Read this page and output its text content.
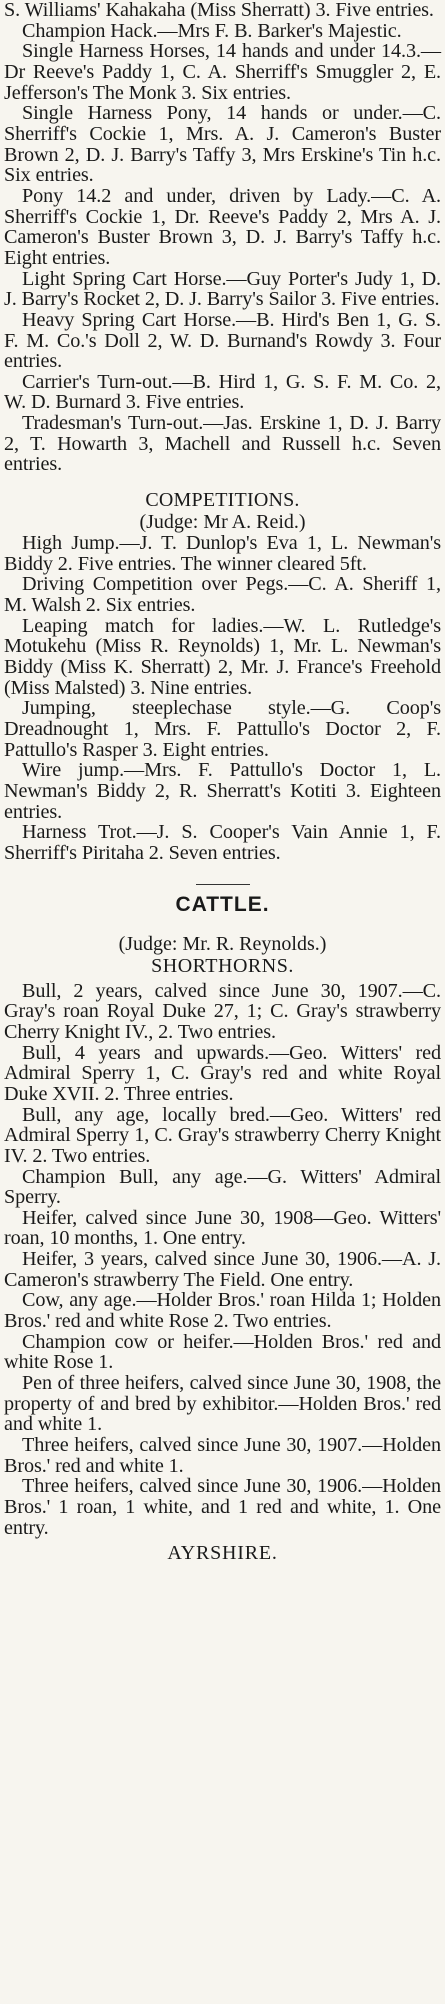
S. Williams' Kahakaha (Miss Sherratt) 3. Five entries.

Champion Hack.—Mrs F. B. Barker's Majestic.

Single Harness Horses, 14 hands and under 14.3.—Dr Reeve's Paddy 1, C. A. Sherriff's Smuggler 2, E. Jefferson's The Monk 3. Six entries.

Single Harness Pony, 14 hands or under.—C. Sherriff's Cockie 1, Mrs. A. J. Cameron's Buster Brown 2, D. J. Barry's Taffy 3, Mrs Erskine's Tin h.c. Six entries.

Pony 14.2 and under, driven by Lady.—C. A. Sherriff's Cockie 1, Dr. Reeve's Paddy 2, Mrs A. J. Cameron's Buster Brown 3, D. J. Barry's Taffy h.c. Eight entries.

Light Spring Cart Horse.—Guy Porter's Judy 1, D. J. Barry's Rocket 2, D. J. Barry's Sailor 3. Five entries.

Heavy Spring Cart Horse.—B. Hird's Ben 1, G. S. F. M. Co.'s Doll 2, W. D. Burnand's Rowdy 3. Four entries.

Carrier's Turn-out.—B. Hird 1, G. S. F. M. Co. 2, W. D. Burnard 3. Five entries.

Tradesman's Turn-out.—Jas. Erskine 1, D. J. Barry 2, T. Howarth 3, Machell and Russell h.c. Seven entries.

COMPETITIONS.

(Judge: Mr A. Reid.)

High Jump.—J. T. Dunlop's Eva 1, L. Newman's Biddy 2. Five entries. The winner cleared 5ft.

Driving Competition over Pegs.—C. A. Sheriff 1, M. Walsh 2. Six entries.

Leaping match for ladies.—W. L. Rutledge's Motukehu (Miss R. Reynolds) 1, Mr. L. Newman's Biddy (Miss K. Sherratt) 2, Mr. J. France's Freehold (Miss Malsted) 3. Nine entries.

Jumping, steeplechase style.—G. Coop's Dreadnought 1, Mrs. F. Pattullo's Doctor 2, F. Pattullo's Rasper 3. Eight entries.

Wire jump.—Mrs. F. Pattullo's Doctor 1, L. Newman's Biddy 2, R. Sherratt's Kotiti 3. Eighteen entries.

Harness Trot.—J. S. Cooper's Vain Annie 1, F. Sherriff's Piritaha 2. Seven entries.

CATTLE.

(Judge: Mr. R. Reynolds.)

SHORTHORNS.

Bull, 2 years, calved since June 30, 1907.—C. Gray's roan Royal Duke 27, 1; C. Gray's strawberry Cherry Knight IV., 2. Two entries.

Bull, 4 years and upwards.—Geo. Witters' red Admiral Sperry 1, C. Gray's red and white Royal Duke XVII. 2. Three entries.

Bull, any age, locally bred.—Geo. Witters' red Admiral Sperry 1, C. Gray's strawberry Cherry Knight IV. 2. Two entries.

Champion Bull, any age.—G. Witters' Admiral Sperry.

Heifer, calved since June 30, 1908—Geo. Witters' roan, 10 months, 1. One entry.

Heifer, 3 years, calved since June 30, 1906.—A. J. Cameron's strawberry The Field. One entry.

Cow, any age.—Holder Bros.' roan Hilda 1; Holden Bros.' red and white Rose 2. Two entries.

Champion cow or heifer.—Holden Bros.' red and white Rose 1.

Pen of three heifers, calved since June 30, 1908, the property of and bred by exhibitor.—Holden Bros.' red and white 1.

Three heifers, calved since June 30, 1907.—Holden Bros.' red and white 1.

Three heifers, calved since June 30, 1906.—Holden Bros.' 1 roan, 1 white, and 1 red and white, 1. One entry.

AYRSHIRE.
